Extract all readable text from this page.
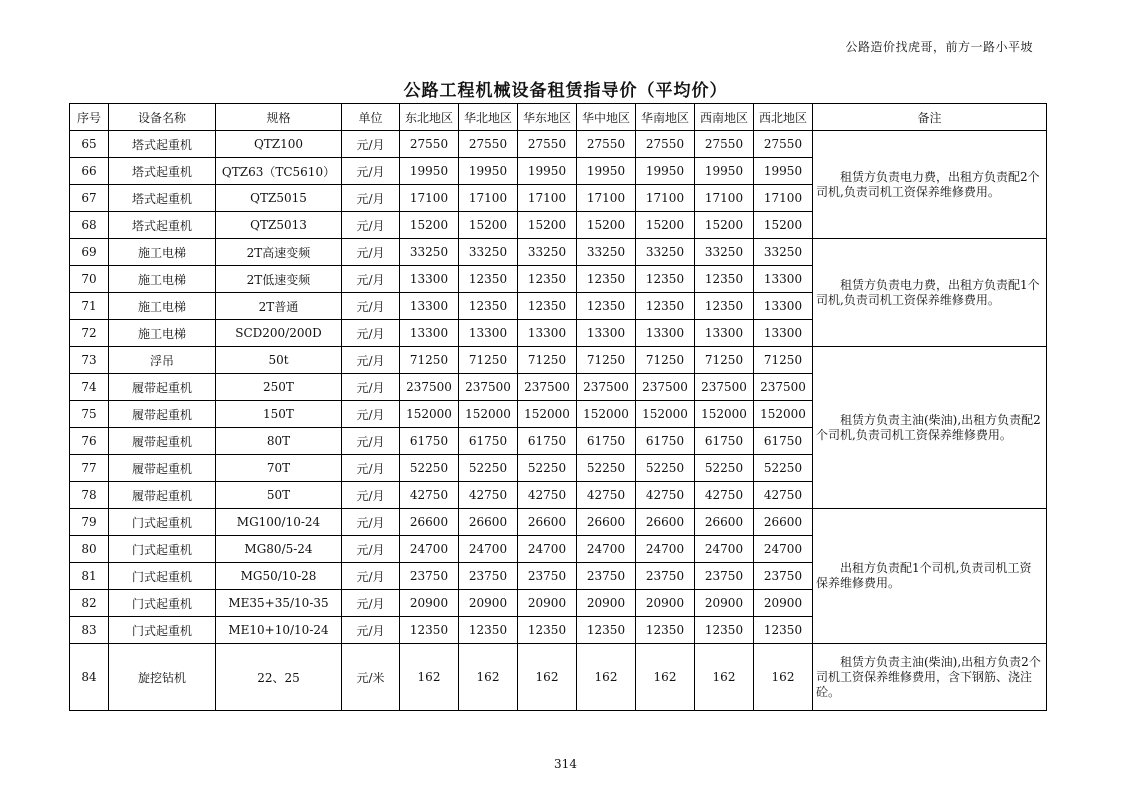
公路造价找虎哥，前方一路小平坡
公路工程机械设备租赁指导价（平均价）
序号	设备名称	规格	单位	东北地区	华北地区	华东地区	华中地区	华南地区	西南地区	西北地区	备注
65	塔式起重机	QTZ100	元/月	27550	27550	27550	27550	27550	27550	27550	租赁方负责电力费，出租方负责配2个司机,负责司机工资保养维修费用。
66	塔式起重机	QTZ63（TC5610）	元/月	19950	19950	19950	19950	19950	19950	19950	
67	塔式起重机	QTZ5015	元/月	17100	17100	17100	17100	17100	17100	17100	
68	塔式起重机	QTZ5013	元/月	15200	15200	15200	15200	15200	15200	15200	
69	施工电梯	2T高速变频	元/月	33250	33250	33250	33250	33250	33250	33250	租赁方负责电力费，出租方负责配1个司机,负责司机工资保养维修费用。
70	施工电梯	2T低速变频	元/月	13300	12350	12350	12350	12350	12350	13300	
71	施工电梯	2T普通	元/月	13300	12350	12350	12350	12350	12350	13300	
72	施工电梯	SCD200/200D	元/月	13300	13300	13300	13300	13300	13300	13300	
73	浮吊	50t	元/月	71250	71250	71250	71250	71250	71250	71250	租赁方负责主油(柴油),出租方负责配2个司机,负责司机工资保养维修费用。
74	履带起重机	250T	元/月	237500	237500	237500	237500	237500	237500	237500	
75	履带起重机	150T	元/月	152000	152000	152000	152000	152000	152000	152000	
76	履带起重机	80T	元/月	61750	61750	61750	61750	61750	61750	61750	
77	履带起重机	70T	元/月	52250	52250	52250	52250	52250	52250	52250	
78	履带起重机	50T	元/月	42750	42750	42750	42750	42750	42750	42750	
79	门式起重机	MG100/10-24	元/月	26600	26600	26600	26600	26600	26600	26600	出租方负责配1个司机,负责司机工资保养维修费用。
80	门式起重机	MG80/5-24	元/月	24700	24700	24700	24700	24700	24700	24700	
81	门式起重机	MG50/10-28	元/月	23750	23750	23750	23750	23750	23750	23750	
82	门式起重机	ME35+35/10-35	元/月	20900	20900	20900	20900	20900	20900	20900	
83	门式起重机	ME10+10/10-24	元/月	12350	12350	12350	12350	12350	12350	12350	
84	旋挖钻机	22、25	元/米	162	162	162	162	162	162	162	租赁方负责主油(柴油),出租方负责2个司机工资保养维修费用，含下钢筋、浇注砼。
314
